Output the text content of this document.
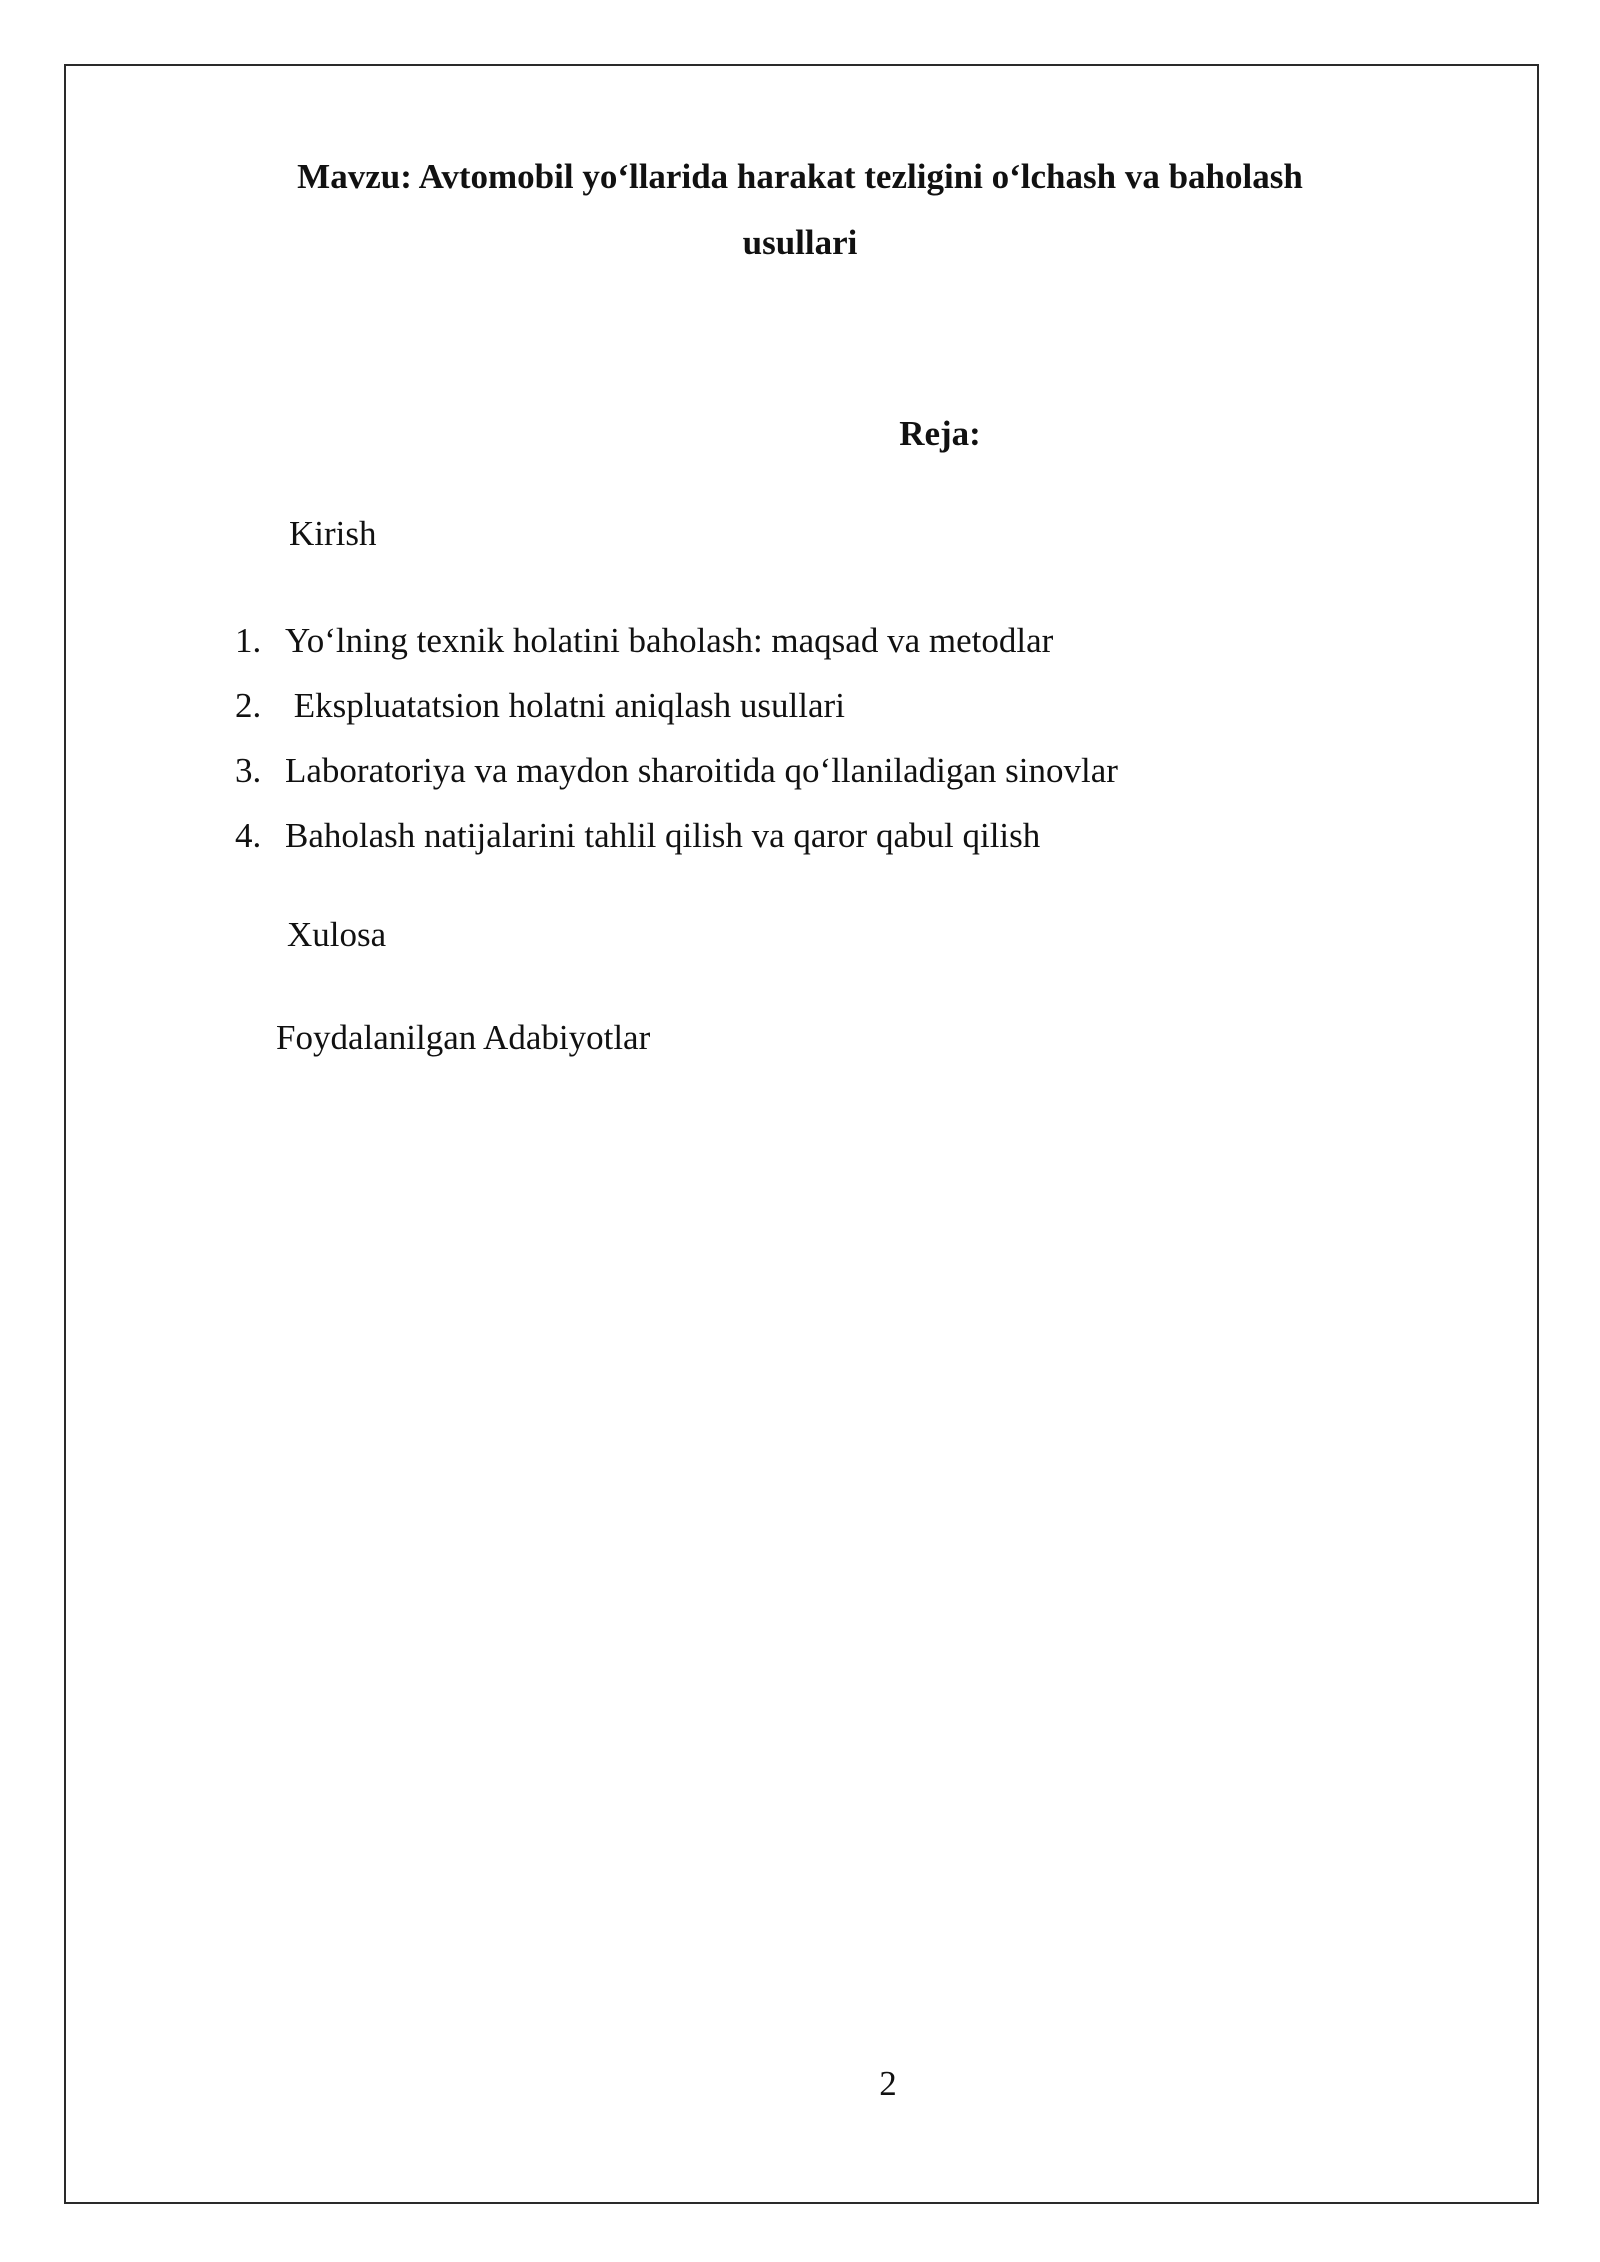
Mavzu: Avtomobil yo‘llarida harakat tezligini o‘lchash va baholash
usullari
Reja:

Kirish

1. Yo‘lning texnik holatini baholash: maqsad va metodlar
2. Ekspluatatsion holatni aniqlash usullari
3. Laboratoriya va maydon sharoitida qo‘llaniladigan sinovlar
4. Baholash natijalarini tahlil qilish va qaror qabul qilish

Xulosa

Foydalanilgan Adabiyotlar

2
